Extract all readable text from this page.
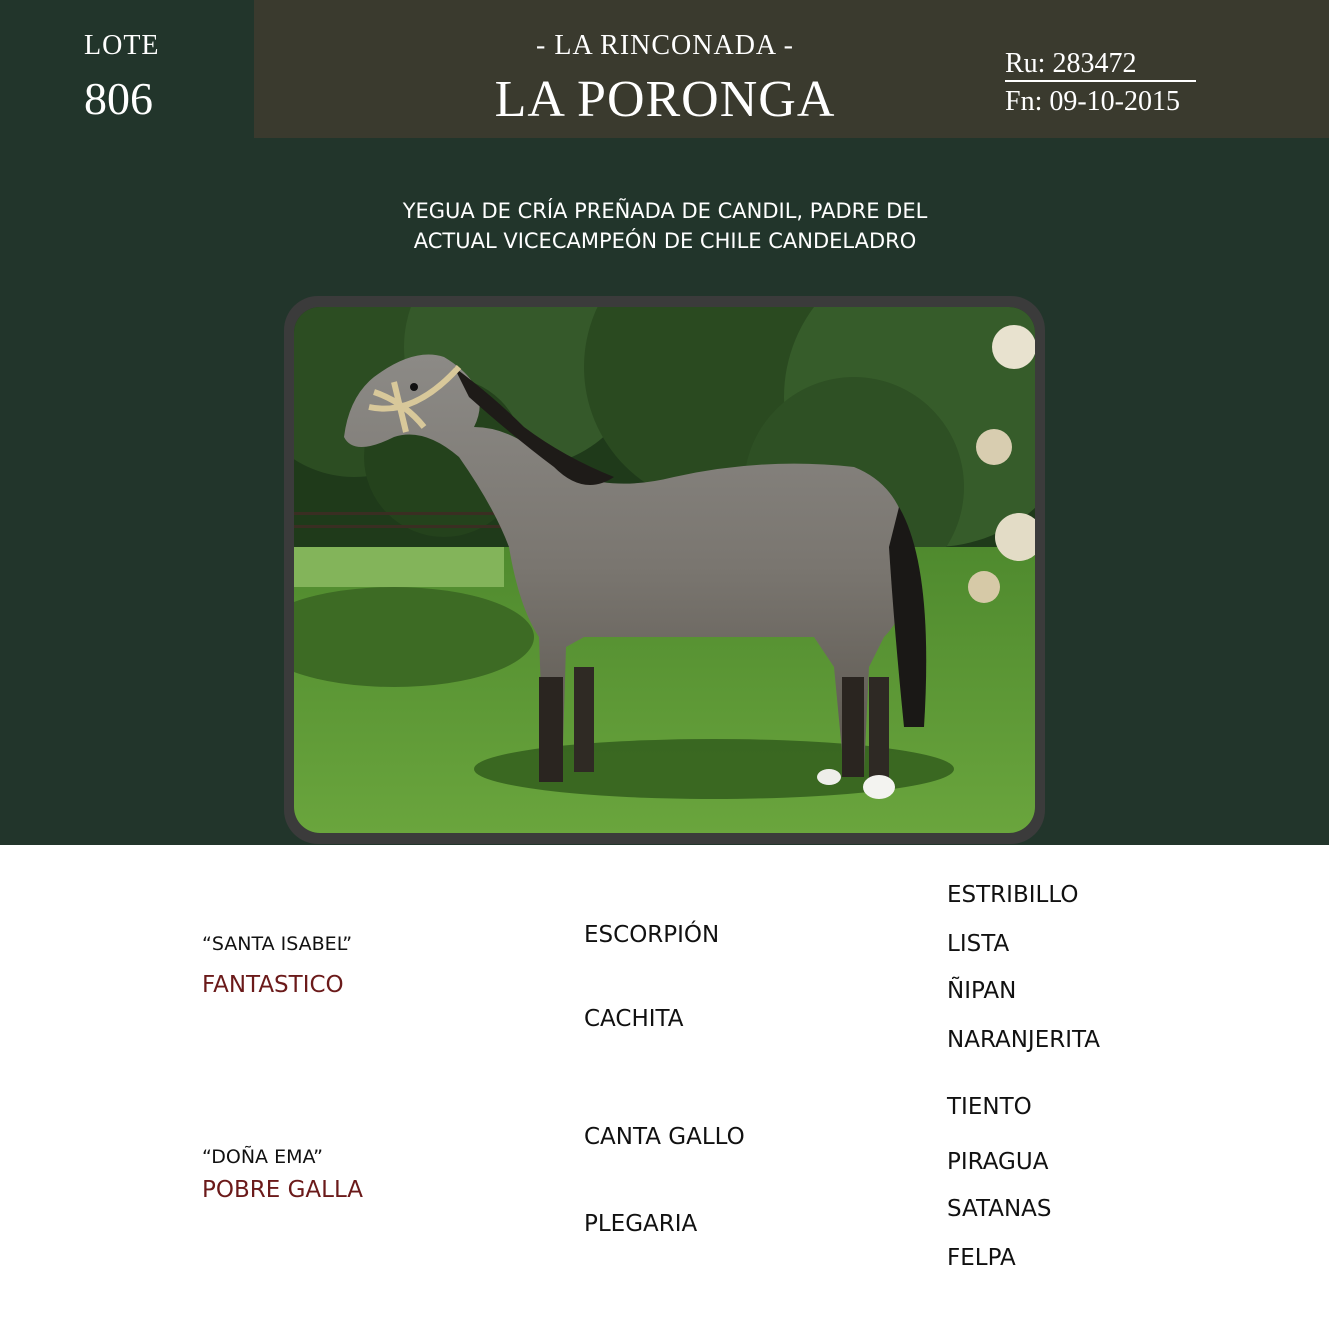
LOTE
806
- LA RINCONADA -
LA PORONGA
Ru: 283472
Fn: 09-10-2015
YEGUA DE CRÍA PREÑADA DE CANDIL, PADRE DEL
ACTUAL VICECAMPEÓN DE CHILE CANDELADRO
“SANTA ISABEL”
FANTASTICO
“DOÑA EMA”
POBRE GALLA
ESCORPIÓN
CACHITA
CANTA GALLO
PLEGARIA
ESTRIBILLO
LISTA
ÑIPAN
NARANJERITA
TIENTO
PIRAGUA
SATANAS
FELPA
